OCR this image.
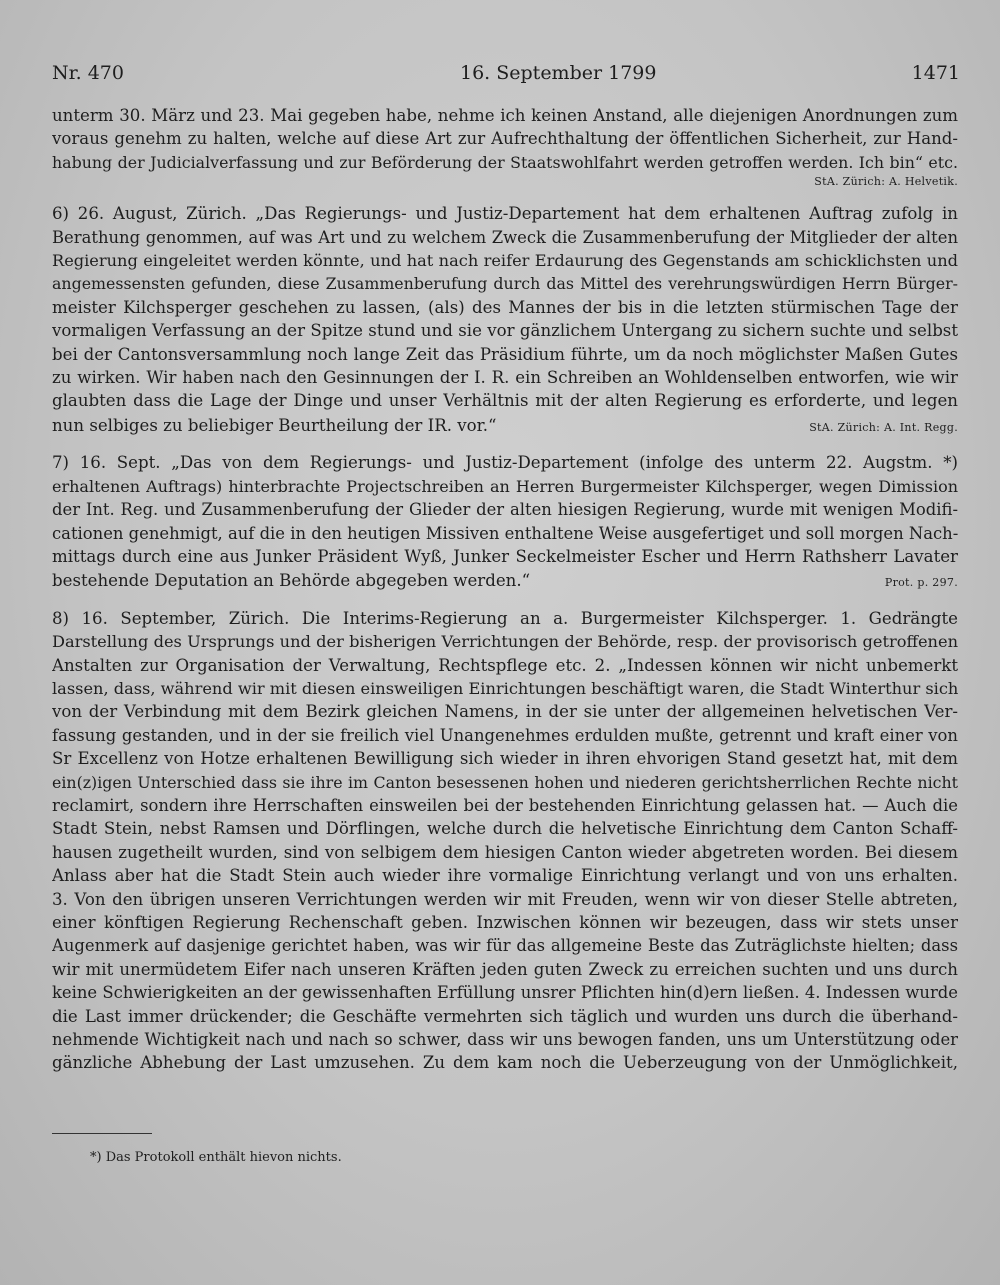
Nr. 470	16. September 1799	1471
unterm 30. März und 23. Mai gegeben habe, nehme ich keinen Anstand, alle diejenigen Anordnungen zum
voraus genehm zu halten, welche auf diese Art zur Aufrechthaltung der öffentlichen Sicherheit, zur Hand-
habung der Judicialverfassung und zur Beförderung der Staatswohlfahrt werden getroffen werden. Ich bin“ etc.
StA. Zürich: A. Helvetik.
6) 26. August, Zürich. „Das Regierungs- und Justiz-Departement hat dem erhaltenen Auftrag zufolg in
Berathung genommen, auf was Art und zu welchem Zweck die Zusammenberufung der Mitglieder der alten
Regierung eingeleitet werden könnte, und hat nach reifer Erdaurung des Gegenstands am schicklichsten und
angemessensten gefunden, diese Zusammenberufung durch das Mittel des verehrungswürdigen Herrn Bürger-
meister Kilchsperger geschehen zu lassen, (als) des Mannes der bis in die letzten stürmischen Tage der
vormaligen Verfassung an der Spitze stund und sie vor gänzlichem Untergang zu sichern suchte und selbst
bei der Cantonsversammlung noch lange Zeit das Präsidium führte, um da noch möglichster Maßen Gutes
zu wirken. Wir haben nach den Gesinnungen der I. R. ein Schreiben an Wohldenselben entworfen, wie wir
glaubten dass die Lage der Dinge und unser Verhältnis mit der alten Regierung es erforderte, und legen
nun selbiges zu beliebiger Beurtheilung der IR. vor.“	StA. Zürich: A. Int. Regg.
7) 16. Sept. „Das von dem Regierungs- und Justiz-Departement (infolge des unterm 22. Augstm. *)
erhaltenen Auftrags) hinterbrachte Projectschreiben an Herren Burgermeister Kilchsperger, wegen Dimission
der Int. Reg. und Zusammenberufung der Glieder der alten hiesigen Regierung, wurde mit wenigen Modifi-
cationen genehmigt, auf die in den heutigen Missiven enthaltene Weise ausgefertiget und soll morgen Nach-
mittags durch eine aus Junker Präsident Wyß, Junker Seckelmeister Escher und Herrn Rathsherr Lavater
bestehende Deputation an Behörde abgegeben werden.“	Prot. p. 297.
8) 16. September, Zürich. Die Interims-Regierung an a. Burgermeister Kilchsperger. 1. Gedrängte
Darstellung des Ursprungs und der bisherigen Verrichtungen der Behörde, resp. der provisorisch getroffenen
Anstalten zur Organisation der Verwaltung, Rechtspflege etc. 2. „Indessen können wir nicht unbemerkt
lassen, dass, während wir mit diesen einsweiligen Einrichtungen beschäftigt waren, die Stadt Winterthur sich
von der Verbindung mit dem Bezirk gleichen Namens, in der sie unter der allgemeinen helvetischen Ver-
fassung gestanden, und in der sie freilich viel Unangenehmes erdulden mußte, getrennt und kraft einer von
Sr Excellenz von Hotze erhaltenen Bewilligung sich wieder in ihren ehvorigen Stand gesetzt hat, mit dem
ein(z)igen Unterschied dass sie ihre im Canton besessenen hohen und niederen gerichtsherrlichen Rechte nicht
reclamirt, sondern ihre Herrschaften einsweilen bei der bestehenden Einrichtung gelassen hat. — Auch die
Stadt Stein, nebst Ramsen und Dörflingen, welche durch die helvetische Einrichtung dem Canton Schaff-
hausen zugetheilt wurden, sind von selbigem dem hiesigen Canton wieder abgetreten worden. Bei diesem
Anlass aber hat die Stadt Stein auch wieder ihre vormalige Einrichtung verlangt und von uns erhalten.
3. Von den übrigen unseren Verrichtungen werden wir mit Freuden, wenn wir von dieser Stelle abtreten,
einer könftigen Regierung Rechenschaft geben. Inzwischen können wir bezeugen, dass wir stets unser
Augenmerk auf dasjenige gerichtet haben, was wir für das allgemeine Beste das Zuträglichste hielten; dass
wir mit unermüdetem Eifer nach unseren Kräften jeden guten Zweck zu erreichen suchten und uns durch
keine Schwierigkeiten an der gewissenhaften Erfüllung unsrer Pflichten hin(d)ern ließen. 4. Indessen wurde
die Last immer drückender; die Geschäfte vermehrten sich täglich und wurden uns durch die überhand-
nehmende Wichtigkeit nach und nach so schwer, dass wir uns bewogen fanden, uns um Unterstützung oder
gänzliche Abhebung der Last umzusehen. Zu dem kam noch die Ueberzeugung von der Unmöglichkeit,
*) Das Protokoll enthält hievon nichts.
